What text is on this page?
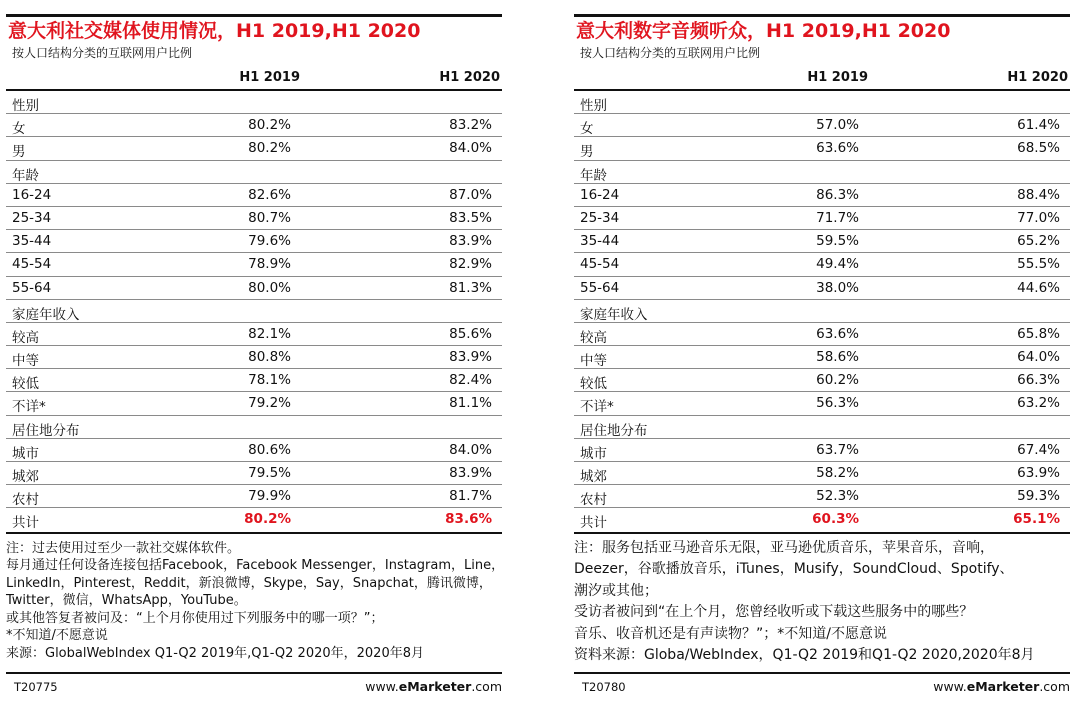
意大利社交媒体使用情况，H1 2019,H1 2020
按人口结构分类的互联网用户比例
H1 2019	H1 2020
性别
女	80.2%	83.2%
男	80.2%	84.0%
年龄
16-24	82.6%	87.0%
25-34	80.7%	83.5%
35-44	79.6%	83.9%
45-54	78.9%	82.9%
55-64	80.0%	81.3%
家庭年收入
较高	82.1%	85.6%
中等	80.8%	83.9%
较低	78.1%	82.4%
不详*	79.2%	81.1%
居住地分布
城市	80.6%	84.0%
城郊	79.5%	83.9%
农村	79.9%	81.7%
共计	80.2%	83.6%

注：过去使用过至少一款社交媒体软件。

每月通过任何设备连接包括Facebook，Facebook Messenger，Instagram，Line，

LinkedIn，Pinterest，Reddit，新浪微博，Skype，Say，Snapchat，腾讯微博，

Twitter，微信，WhatsApp，YouTube。

或其他答复者被问及：“上个月你使用过下列服务中的哪一项？”；

*不知道/不愿意说

来源：GlobalWebIndex Q1-Q2 2019年,Q1-Q2 2020年，2020年8月

T20775	www.eMarketer.com
意大利数字音频听众，H1 2019,H1 2020
按人口结构分类的互联网用户比例
H1 2019	H1 2020
性别
女	57.0%	61.4%
男	63.6%	68.5%
年龄
16-24	86.3%	88.4%
25-34	71.7%	77.0%
35-44	59.5%	65.2%
45-54	49.4%	55.5%
55-64	38.0%	44.6%
家庭年收入
较高	63.6%	65.8%
中等	58.6%	64.0%
较低	60.2%	66.3%
不详*	56.3%	63.2%
居住地分布
城市	63.7%	67.4%
城郊	58.2%	63.9%
农村	52.3%	59.3%
共计	60.3%	65.1%

注：服务包括亚马逊音乐无限，亚马逊优质音乐，苹果音乐，音响，

Deezer，谷歌播放音乐，iTunes，Musify，SoundCloud、Spotify、

潮汐或其他；

受访者被问到“在上个月，您曾经收听或下载这些服务中的哪些？

音乐、收音机还是有声读物？”；*不知道/不愿意说

资料来源：Globa/WebIndex，Q1-Q2 2019和Q1-Q2 2020,2020年8月

T20780	www.eMarketer.com
